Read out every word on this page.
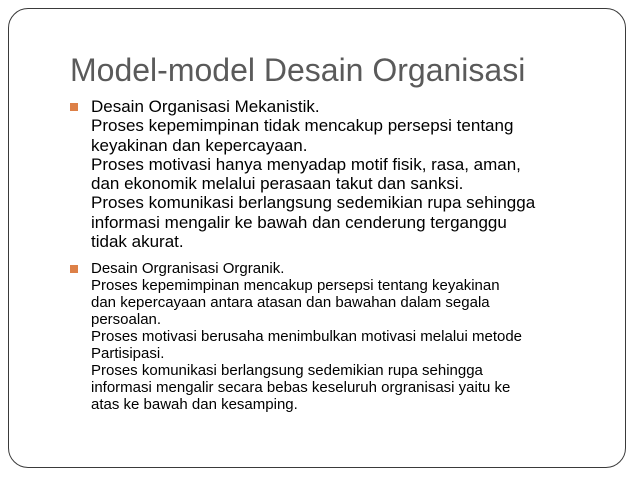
Model-model Desain Organisasi
Desain Organisasi Mekanistik.
Proses kepemimpinan tidak mencakup persepsi tentang
keyakinan dan kepercayaan.
Proses motivasi hanya menyadap motif fisik, rasa, aman,
dan ekonomik melalui perasaan takut dan sanksi.
Proses komunikasi berlangsung sedemikian rupa sehingga
informasi mengalir ke bawah dan cenderung terganggu
tidak akurat.
Desain Orgranisasi Orgranik.
Proses kepemimpinan mencakup persepsi tentang keyakinan
dan kepercayaan antara atasan dan bawahan dalam segala
persoalan.
Proses motivasi berusaha menimbulkan motivasi melalui metode
Partisipasi.
Proses komunikasi berlangsung sedemikian rupa sehingga
informasi mengalir secara bebas keseluruh orgranisasi yaitu ke
atas ke bawah dan kesamping.
